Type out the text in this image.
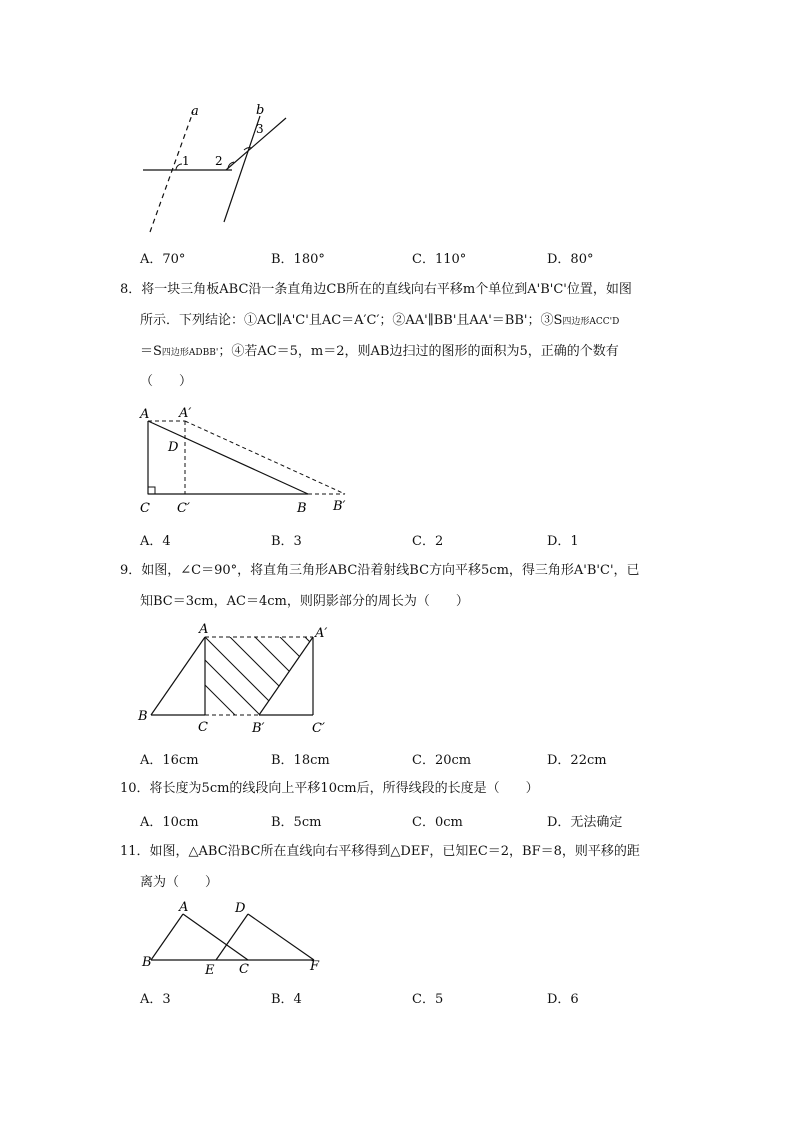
a	b
1 2
3
A．70°	B．180°	C．110°	D．80°
8．将一块三角板ABC沿一条直角边CB所在的直线向右平移m个单位到A'B'C'位置，如图
所示．下列结论：①AC∥A'C'且AC＝A′C′；②AA'∥BB'且AA'＝BB'；③S四边形ACC'D
＝S四边形ADBB'；④若AC＝5，m＝2，则AB边扫过的图形的面积为5，正确的个数有
（　　）
A A′
D
C C′	B B′
A．4	B．3	C．2	D．1
9．如图，∠C＝90°，将直角三角形ABC沿着射线BC方向平移5cm，得三角形A'B'C'，已
知BC＝3cm，AC＝4cm，则阴影部分的周长为（　　）
A	A′
B
C	B′	C′
A．16cm	B．18cm	C．20cm	D．22cm
10．将长度为5cm的线段向上平移10cm后，所得线段的长度是（　　）
A．10cm	B．5cm	C．0cm	D．无法确定
11．如图，△ABC沿BC所在直线向右平移得到△DEF，已知EC＝2，BF＝8，则平移的距
离为（　　）
A	D
B
E C	F
A．3	B．4	C．5	D．6
